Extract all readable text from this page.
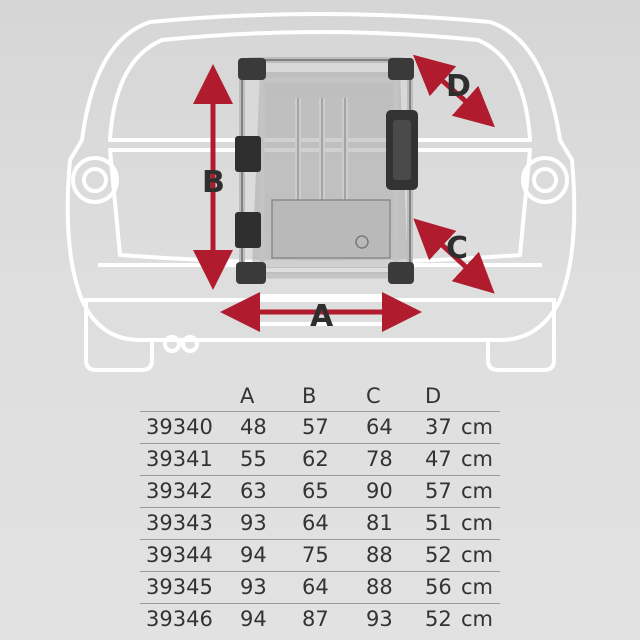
B
A
D
C
A B C D
39340 48 57 64 37 cm
39341 55 62 78 47 cm
39342 63 65 90 57 cm
39343 93 64 81 51 cm
39344 94 75 88 52 cm
39345 93 64 88 56 cm
39346 94 87 93 52 cm
